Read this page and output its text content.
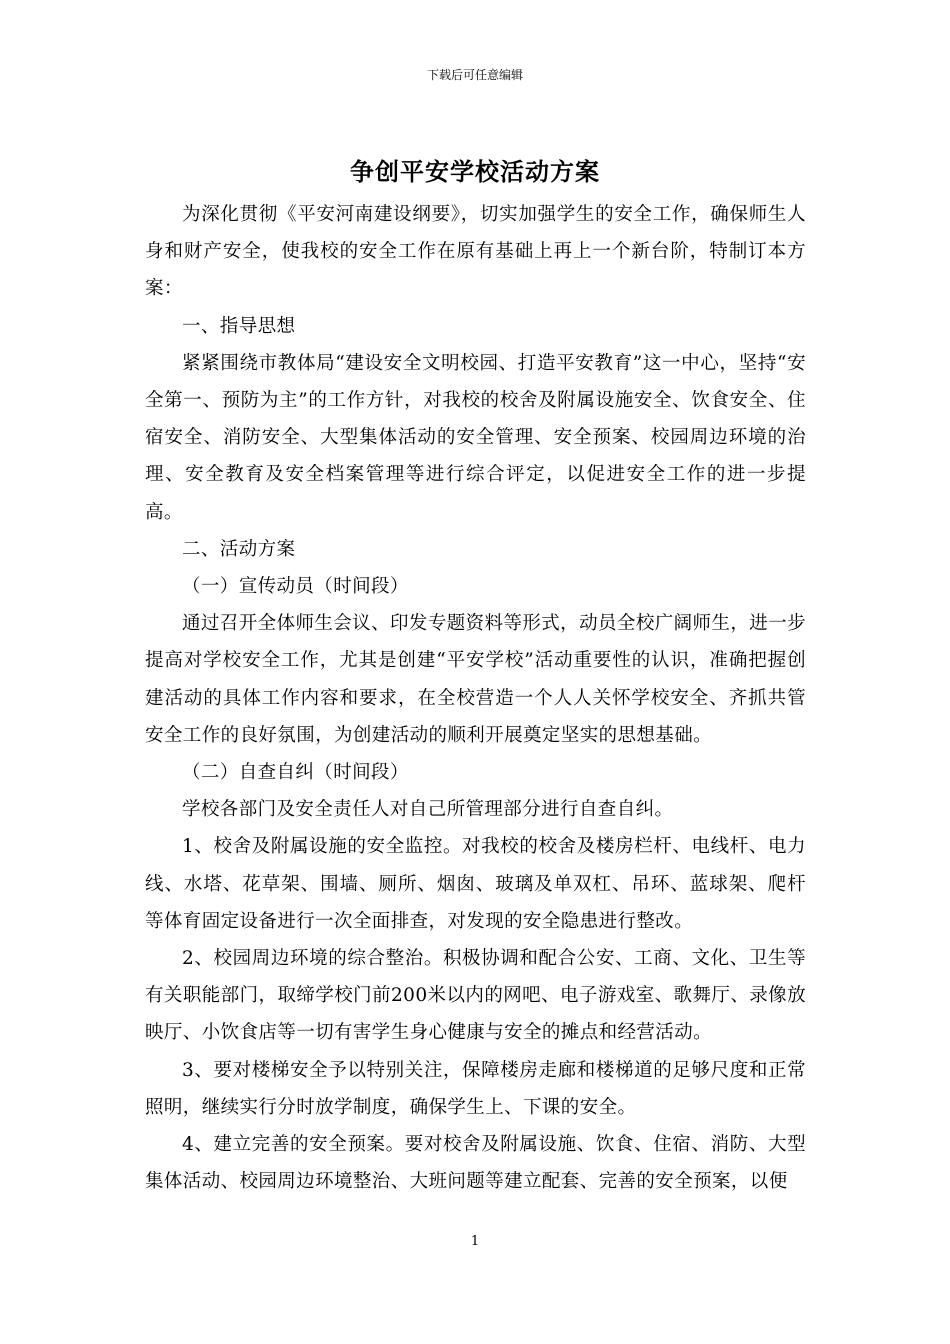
下载后可任意编辑
争创平安学校活动方案

为深化贯彻《平安河南建设纲要》，切实加强学生的安全工作，确保师生人身和财产安全，使我校的安全工作在原有基础上再上一个新台阶，特制订本方案：

一、指导思想

紧紧围绕市教体局“建设安全文明校园、打造平安教育”这一中心，坚持“安全第一、预防为主”的工作方针，对我校的校舍及附属设施安全、饮食安全、住宿安全、消防安全、大型集体活动的安全管理、安全预案、校园周边环境的治理、安全教育及安全档案管理等进行综合评定，以促进安全工作的进一步提高。

二、活动方案

（一）宣传动员（时间段）

通过召开全体师生会议、印发专题资料等形式，动员全校广阔师生，进一步提高对学校安全工作，尤其是创建“平安学校”活动重要性的认识，准确把握创建活动的具体工作内容和要求，在全校营造一个人人关怀学校安全、齐抓共管安全工作的良好氛围，为创建活动的顺利开展奠定坚实的思想基础。

（二）自查自纠（时间段）

学校各部门及安全责任人对自己所管理部分进行自查自纠。

1、校舍及附属设施的安全监控。对我校的校舍及楼房栏杆、电线杆、电力线、水塔、花草架、围墙、厕所、烟囱、玻璃及单双杠、吊环、蓝球架、爬杆等体育固定设备进行一次全面排查，对发现的安全隐患进行整改。

2、校园周边环境的综合整治。积极协调和配合公安、工商、文化、卫生等有关职能部门，取缔学校门前200米以内的网吧、电子游戏室、歌舞厅、录像放映厅、小饮食店等一切有害学生身心健康与安全的摊点和经营活动。

3、要对楼梯安全予以特别关注，保障楼房走廊和楼梯道的足够尺度和正常照明，继续实行分时放学制度，确保学生上、下课的安全。

4、建立完善的安全预案。要对校舍及附属设施、饮食、住宿、消防、大型集体活动、校园周边环境整治、大班问题等建立配套、完善的安全预案，以便

1
